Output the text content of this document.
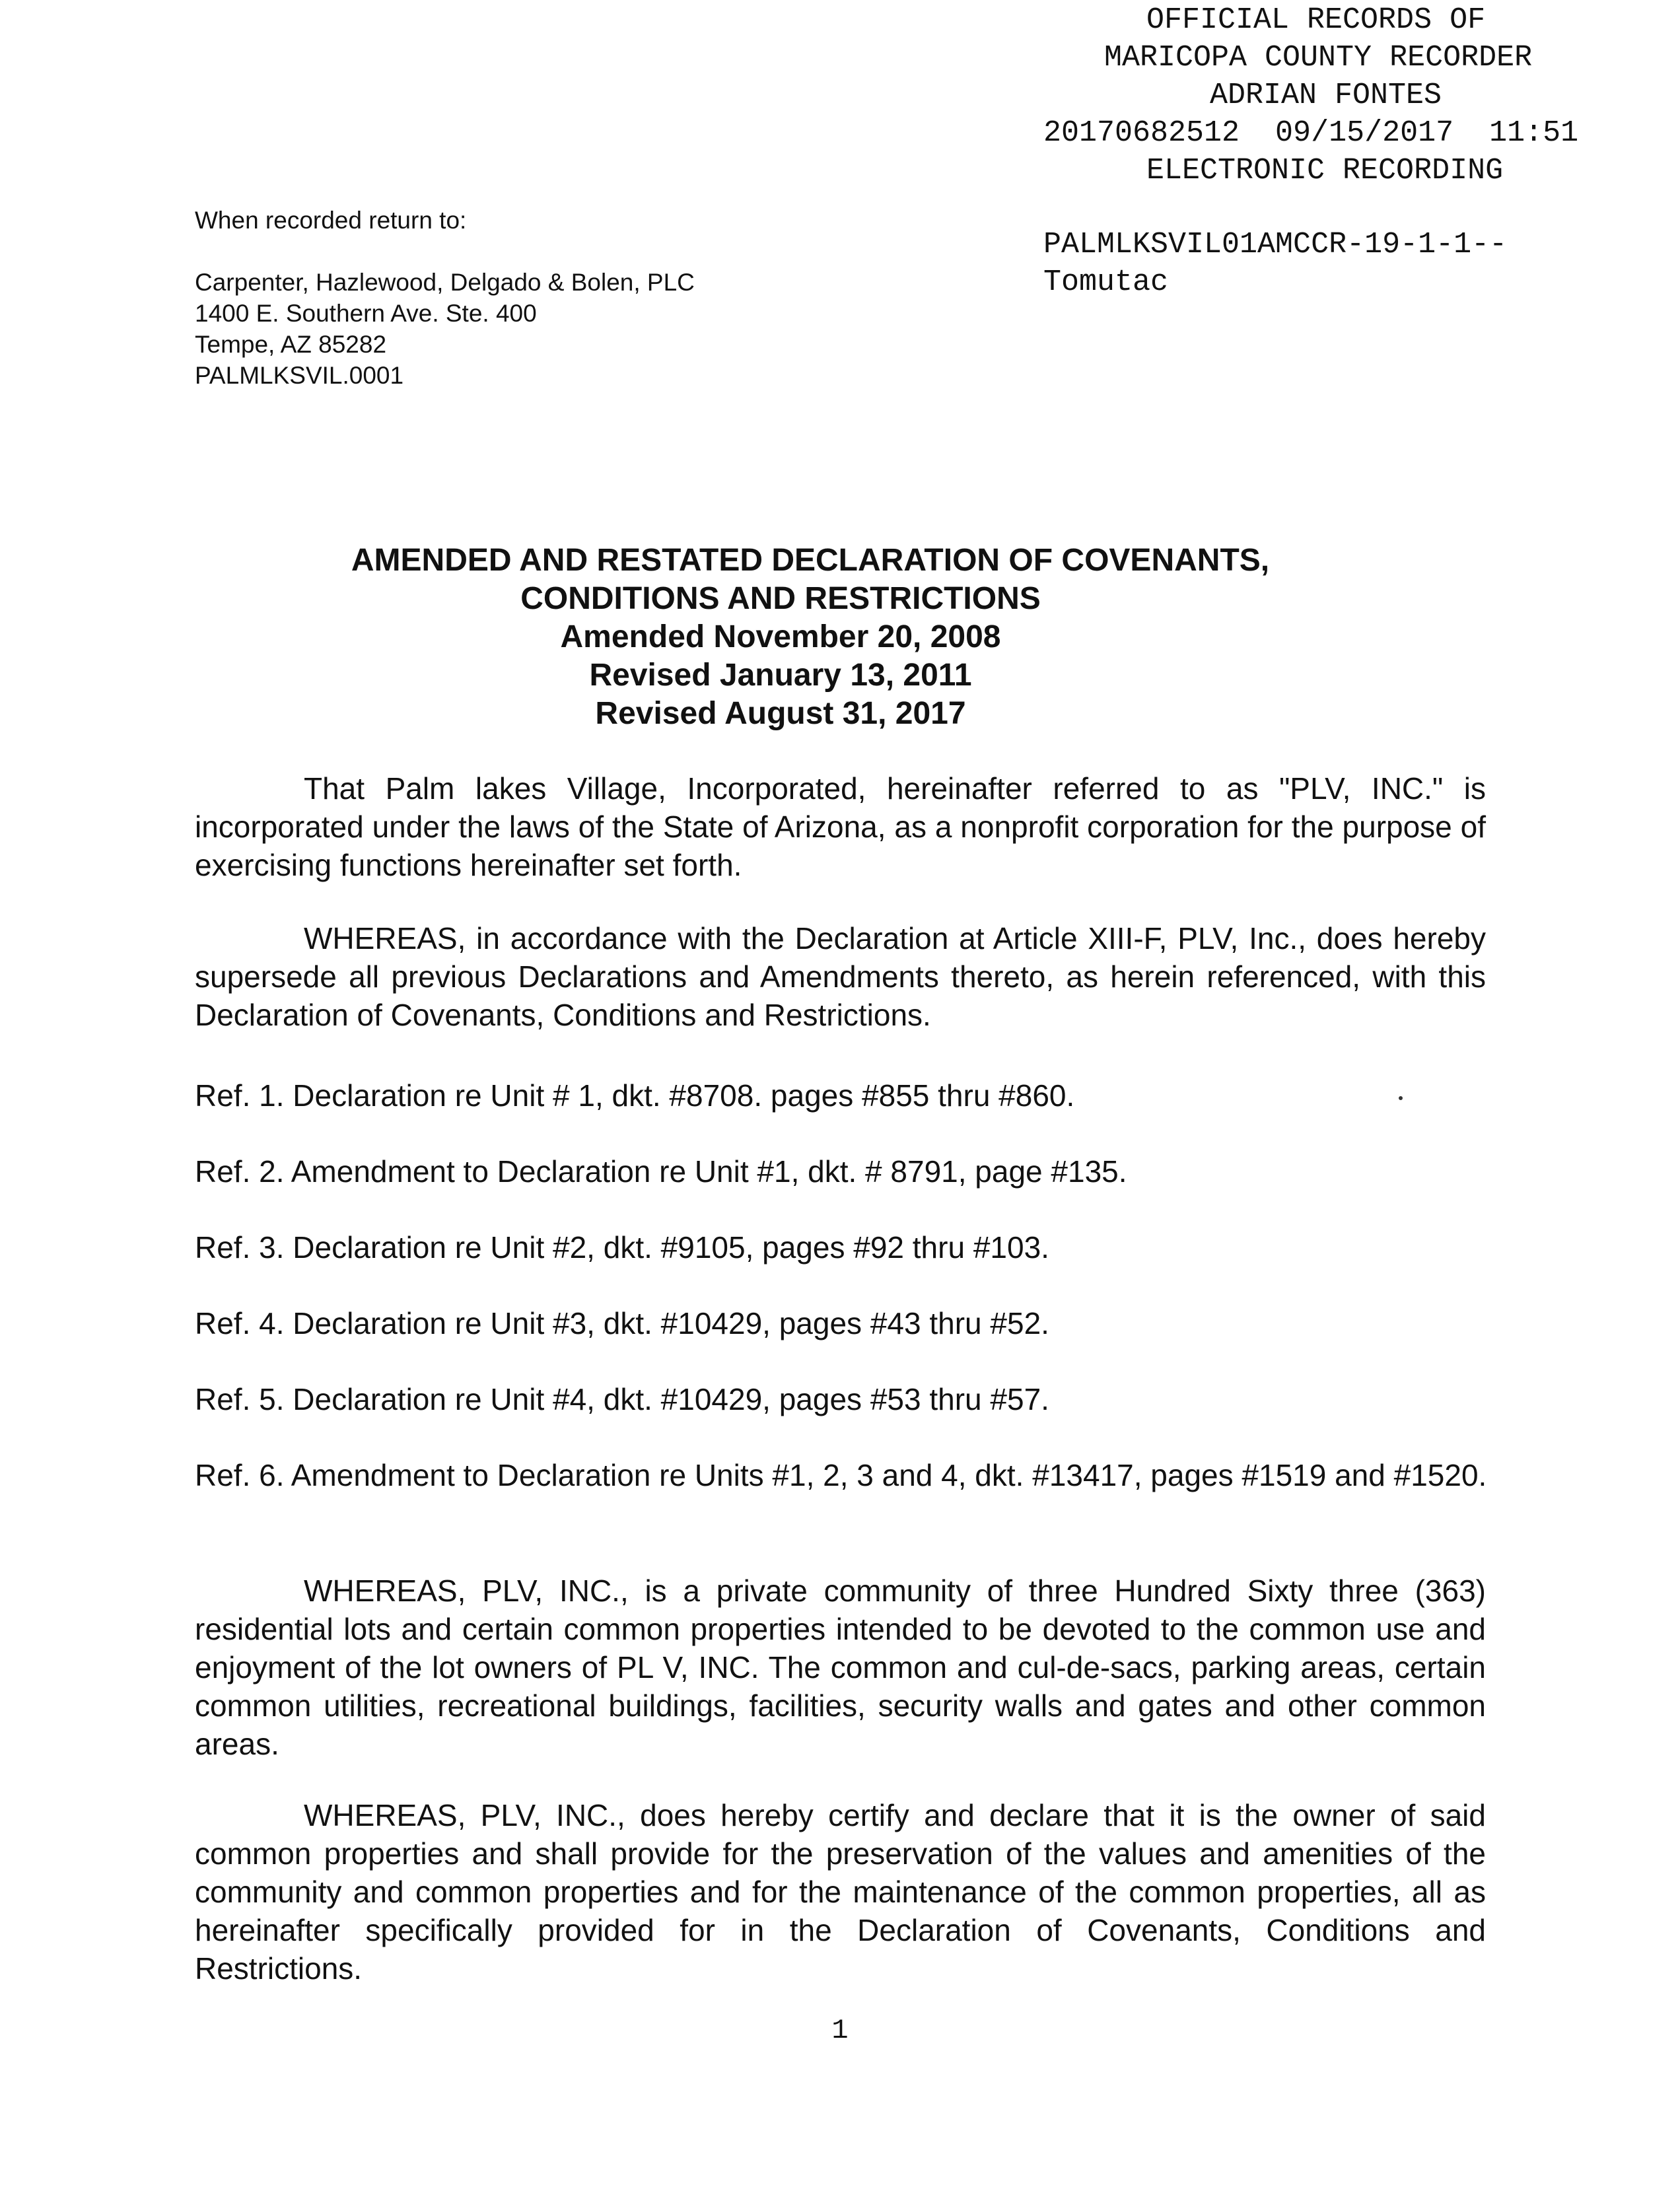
OFFICIAL RECORDS OF
MARICOPA COUNTY RECORDER
ADRIAN FONTES
20170682512  09/15/2017  11:51
ELECTRONIC RECORDING
PALMLKSVIL01AMCCR-19-1-1--
Tomutac
When recorded return to:
Carpenter, Hazlewood, Delgado & Bolen, PLC
1400 E. Southern Ave. Ste. 400
Tempe, AZ 85282
PALMLKSVIL.0001
AMENDED AND RESTATED DECLARATION OF COVENANTS,
CONDITIONS AND RESTRICTIONS
Amended November 20, 2008
Revised January 13, 2011
Revised August 31, 2017

That Palm lakes Village, Incorporated, hereinafter referred to as "PLV, INC." is incorporated under the laws of the State of Arizona, as a nonprofit corporation for the purpose of exercising functions hereinafter set forth.

WHEREAS, in accordance with the Declaration at Article XIII-F, PLV, Inc., does hereby supersede all previous Declarations and Amendments thereto, as herein referenced, with this Declaration of Covenants, Conditions and Restrictions.

Ref. 1. Declaration re Unit # 1, dkt. #8708. pages #855 thru #860.

Ref. 2. Amendment to Declaration re Unit #1, dkt. # 8791, page #135.

Ref. 3. Declaration re Unit #2, dkt. #9105, pages #92 thru #103.

Ref. 4. Declaration re Unit #3, dkt. #10429, pages #43 thru #52.

Ref. 5. Declaration re Unit #4, dkt. #10429, pages #53 thru #57.

Ref. 6. Amendment to Declaration re Units #1, 2, 3 and 4, dkt. #13417, pages #1519 and #1520.

WHEREAS, PLV, INC., is a private community of three Hundred Sixty three (363) residential lots and certain common properties intended to be devoted to the common use and enjoyment of the lot owners of PL V, INC. The common and cul-de-sacs, parking areas, certain common utilities, recreational buildings, facilities, security walls and gates and other common areas.

WHEREAS, PLV, INC., does hereby certify and declare that it is the owner of said common properties and shall provide for the preservation of the values and amenities of the community and common properties and for the maintenance of the common properties, all as hereinafter specifically provided for in the Declaration of Covenants, Conditions and Restrictions.

1
